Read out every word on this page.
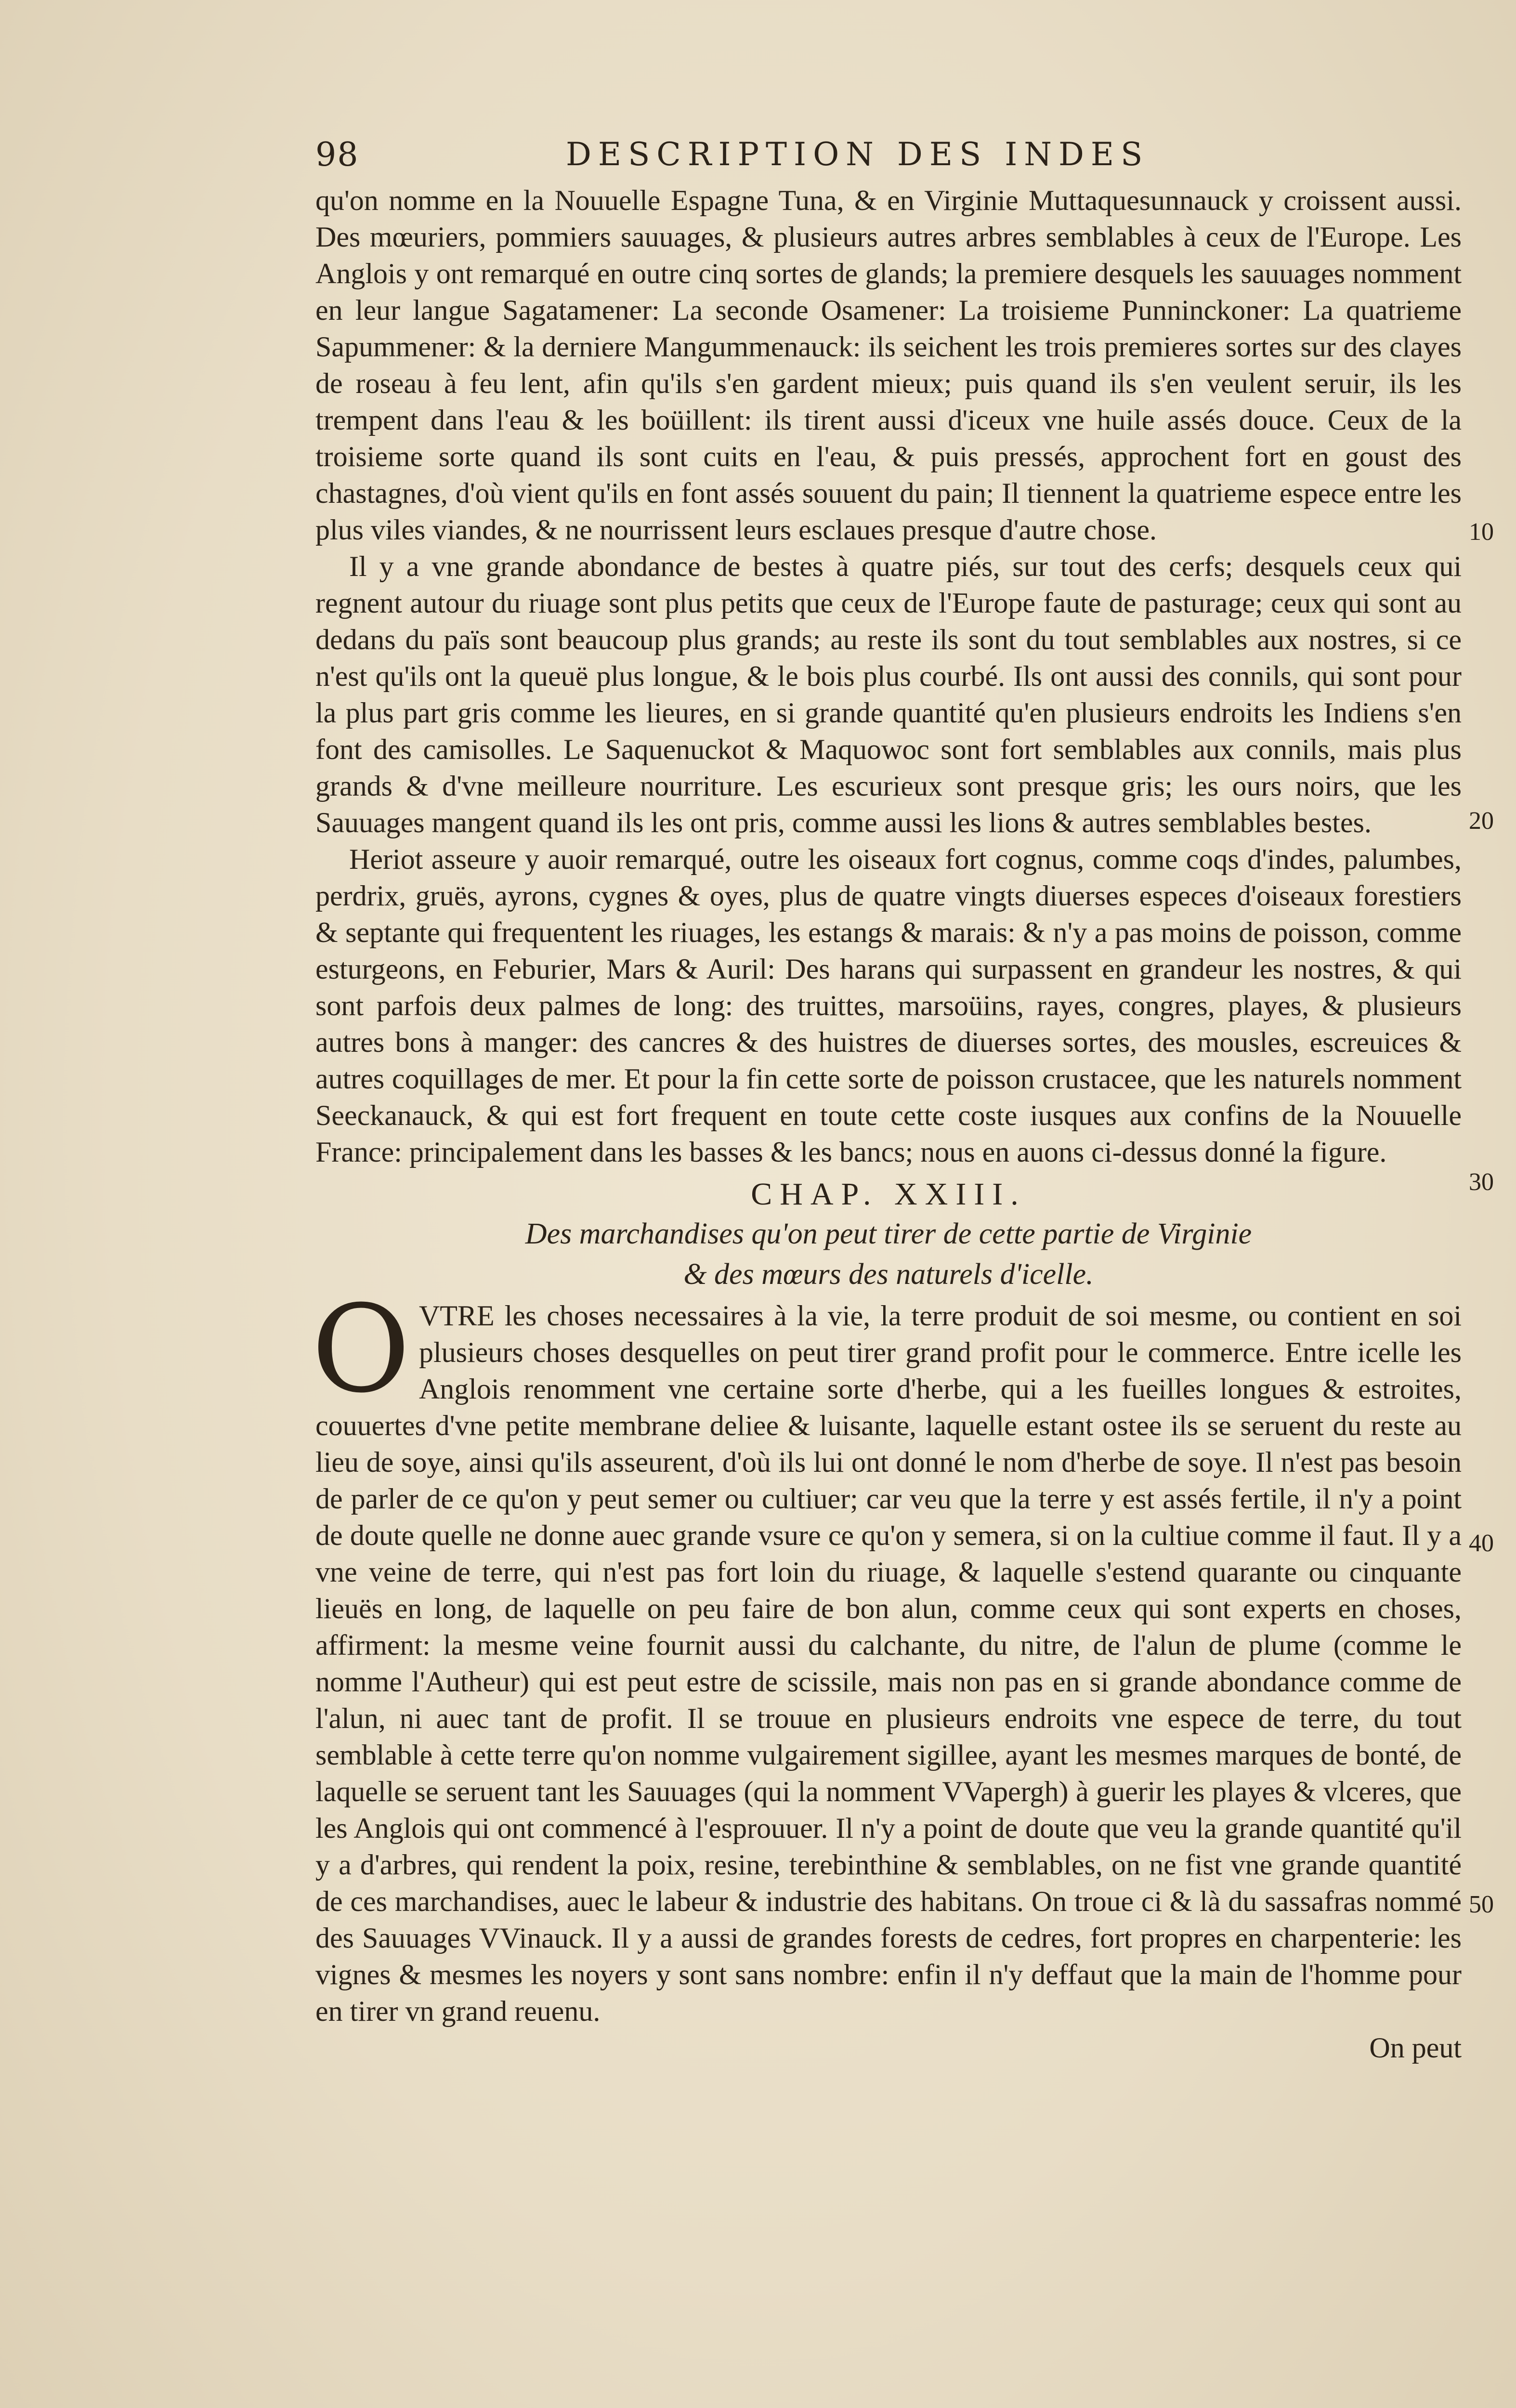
98	DESCRIPTION DES INDES

qu'on nomme en la Nouuelle Espagne Tuna, & en Virginie Muttaquesunnauck y croissent aussi. Des mœuriers, pommiers sauuages, & plusieurs autres arbres semblables à ceux de l'Europe. Les Anglois y ont remarqué en outre cinq sortes de glands; la premiere desquels les sauuages nomment en leur langue Sagatamener: La seconde Osamener: La troisieme Punninckoner: La quatrieme Sapummener: & la derniere Mangummenauck: ils seichent les trois premieres sortes sur des clayes de roseau à feu lent, afin qu'ils s'en gardent mieux; puis quand ils s'en veulent seruir, ils les trempent dans l'eau & les boüillent: ils tirent aussi d'iceux vne huile assés douce. Ceux de la troisieme sorte quand ils sont cuits en l'eau, & puis pressés, approchent fort en goust des chastagnes, d'où vient qu'ils en font assés souuent du pain; Il tiennent la quatrieme espece entre les plus viles viandes, & ne nourrissent leurs esclaues presque d'autre chose.

Il y a vne grande abondance de bestes à quatre piés, sur tout des cerfs; desquels ceux qui regnent autour du riuage sont plus petits que ceux de l'Europe faute de pasturage; ceux qui sont au dedans du païs sont beaucoup plus grands; au reste ils sont du tout semblables aux nostres, si ce n'est qu'ils ont la queuë plus longue, & le bois plus courbé. Ils ont aussi des connils, qui sont pour la plus part gris comme les lieures, en si grande quantité qu'en plusieurs endroits les Indiens s'en font des camisolles. Le Saquenuckot & Maquowoc sont fort semblables aux connils, mais plus grands & d'vne meilleure nourriture. Les escurieux sont presque gris; les ours noirs, que les Sauuages mangent quand ils les ont pris, comme aussi les lions & autres semblables bestes.

Heriot asseure y auoir remarqué, outre les oiseaux fort cognus, comme coqs d'indes, palumbes, perdrix, gruës, ayrons, cygnes & oyes, plus de quatre vingts diuerses especes d'oiseaux forestiers & septante qui frequentent les riuages, les estangs & marais: & n'y a pas moins de poisson, comme esturgeons, en Feburier, Mars & Auril: Des harans qui surpassent en grandeur les nostres, & qui sont parfois deux palmes de long: des truittes, marsoüins, rayes, congres, playes, & plusieurs autres bons à manger: des cancres & des huistres de diuerses sortes, des mousles, escreuices & autres coquillages de mer. Et pour la fin cette sorte de poisson crustacee, que les naturels nomment Seeckanauck, & qui est fort frequent en toute cette coste iusques aux confins de la Nouuelle France: principalement dans les basses & les bancs; nous en auons ci-dessus donné la figure.

CHAP. XXIII.
Des marchandises qu'on peut tirer de cette partie de Virginie
& des mœurs des naturels d'icelle.

O VTRE les choses necessaires à la vie, la terre produit de soi mesme, ou contient en soi plusieurs choses desquelles on peut tirer grand profit pour le commerce. Entre icelle les Anglois renomment vne certaine sorte d'herbe, qui a les fueilles longues & estroites, couuertes d'vne petite membrane deliee & luisante, laquelle estant ostee ils se seruent du reste au lieu de soye, ainsi qu'ils asseurent, d'où ils lui ont donné le nom d'herbe de soye. Il n'est pas besoin de parler de ce qu'on y peut semer ou cultiuer; car veu que la terre y est assés fertile, il n'y a point de doute quelle ne donne auec grande vsure ce qu'on y semera, si on la cultiue comme il faut. Il y a vne veine de terre, qui n'est pas fort loin du riuage, & laquelle s'estend quarante ou cinquante lieuës en long, de laquelle on peu faire de bon alun, comme ceux qui sont experts en choses, affirment: la mesme veine fournit aussi du calchante, du nitre, de l'alun de plume (comme le nomme l'Autheur) qui est peut estre de scissile, mais non pas en si grande abondance comme de l'alun, ni auec tant de profit. Il se trouue en plusieurs endroits vne espece de terre, du tout semblable à cette terre qu'on nomme vulgairement sigillee, ayant les mesmes marques de bonté, de laquelle se seruent tant les Sauuages (qui la nomment VVapergh) à guerir les playes & vlceres, que les Anglois qui ont commencé à l'esprouuer. Il n'y a point de doute que veu la grande quantité qu'il y a d'arbres, qui rendent la poix, resine, terebinthine & semblables, on ne fist vne grande quantité de ces marchandises, auec le labeur & industrie des habitans. On troue ci & là du sassafras nommé des Sauuages VVinauck. Il y a aussi de grandes forests de cedres, fort propres en charpenterie: les vignes & mesmes les noyers y sont sans nombre: enfin il n'y deffaut que la main de l'homme pour en tirer vn grand reuenu.

On peut

10
20
30
40
50
